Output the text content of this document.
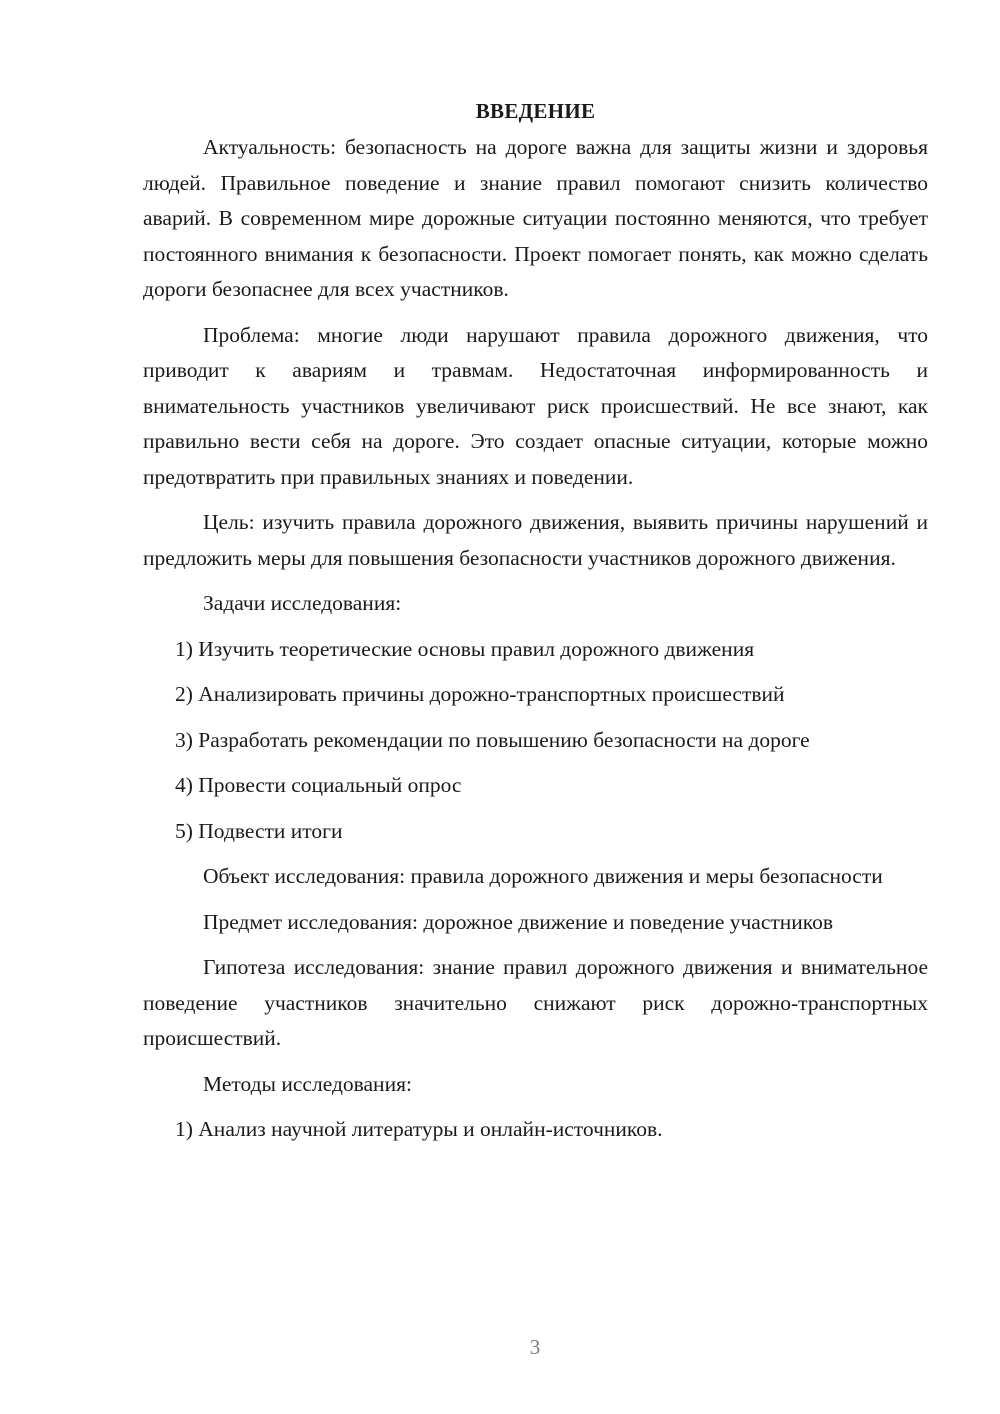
ВВЕДЕНИЕ

Актуальность: безопасность на дороге важна для защиты жизни и здоровья людей. Правильное поведение и знание правил помогают снизить количество аварий. В современном мире дорожные ситуации постоянно меняются, что требует постоянного внимания к безопасности. Проект помогает понять, как можно сделать дороги безопаснее для всех участников.

Проблема: многие люди нарушают правила дорожного движения, что приводит к авариям и травмам. Недостаточная информированность и внимательность участников увеличивают риск происшествий. Не все знают, как правильно вести себя на дороге. Это создает опасные ситуации, которые можно предотвратить при правильных знаниях и поведении.

Цель: изучить правила дорожного движения, выявить причины нарушений и предложить меры для повышения безопасности участников дорожного движения.

Задачи исследования:
1) Изучить теоретические основы правил дорожного движения
2) Анализировать причины дорожно-транспортных происшествий
3) Разработать рекомендации по повышению безопасности на дороге
4) Провести социальный опрос
5) Подвести итоги

Объект исследования: правила дорожного движения и меры безопасности

Предмет исследования: дорожное движение и поведение участников

Гипотеза исследования: знание правил дорожного движения и внимательное поведение участников значительно снижают риск дорожно-транспортных происшествий.

Методы исследования:
1) Анализ научной литературы и онлайн-источников.
3
